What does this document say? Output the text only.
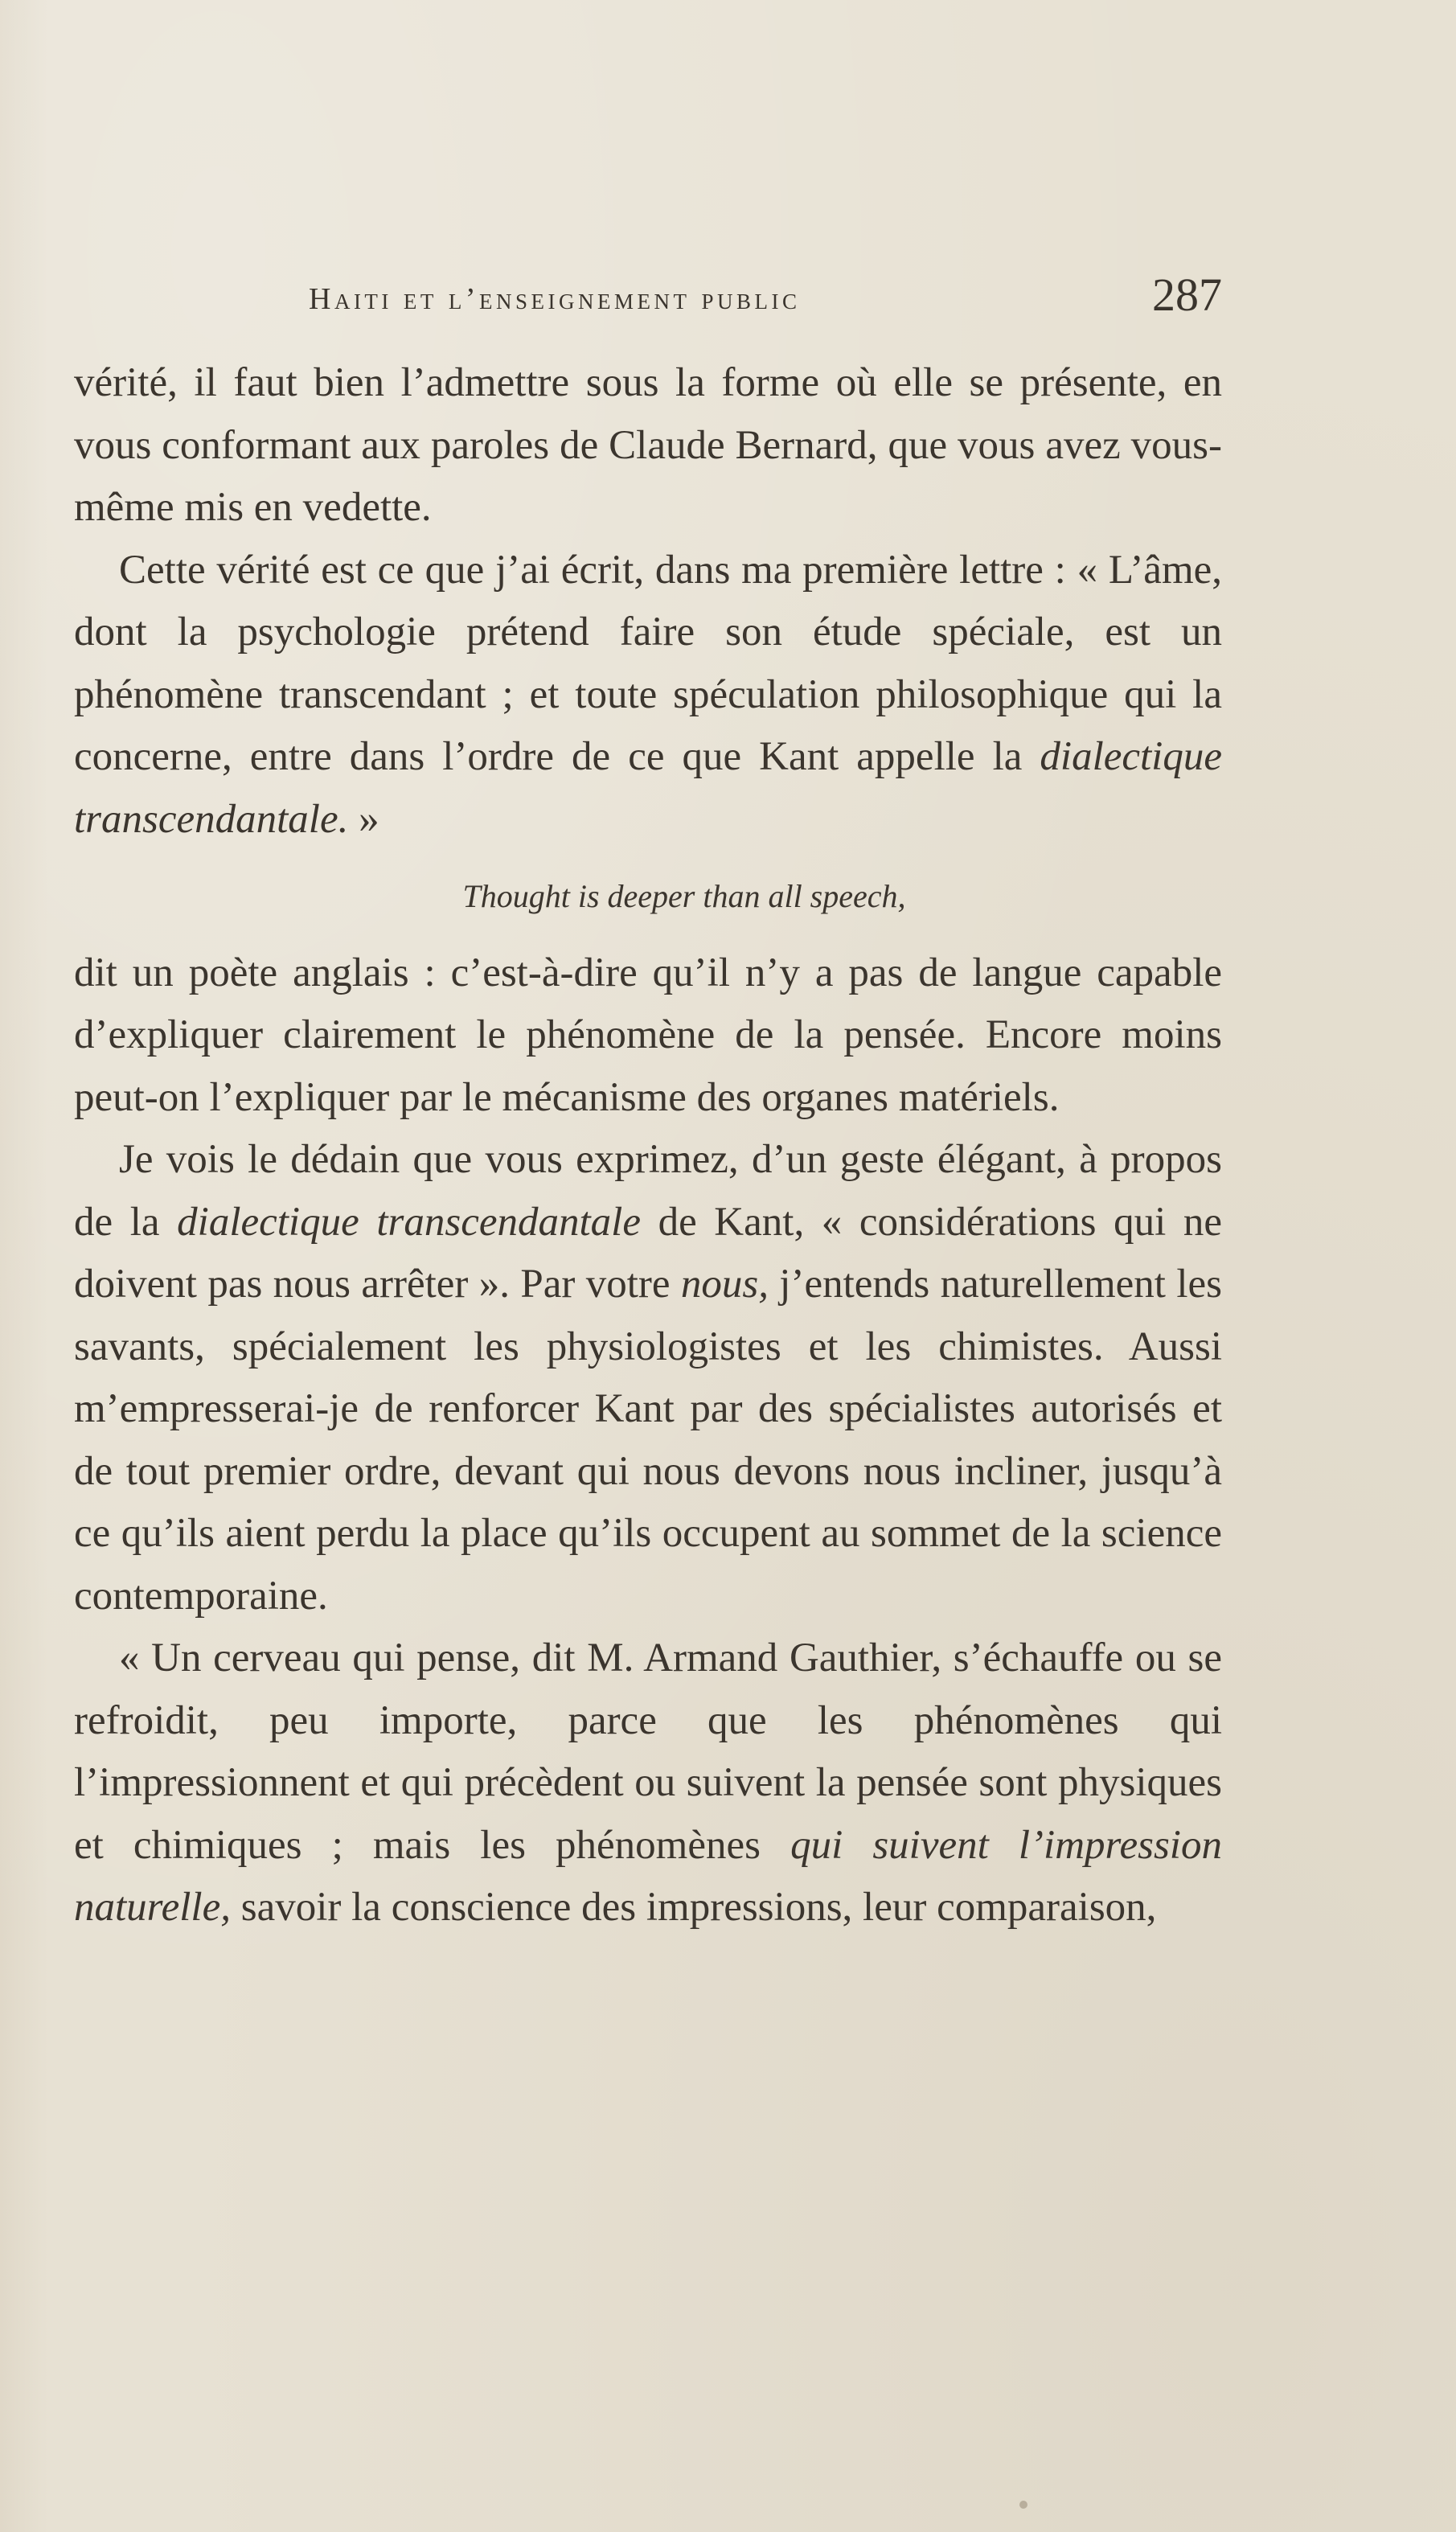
Haiti et l’enseignement public	287

vérité, il faut bien l’admettre sous la forme où elle se présente, en vous conformant aux paroles de Claude Bernard, que vous avez vous-même mis en vedette.

Cette vérité est ce que j’ai écrit, dans ma première lettre : « L’âme, dont la psychologie prétend faire son étude spéciale, est un phénomène transcendant ; et toute spéculation philosophique qui la concerne, entre dans l’ordre de ce que Kant appelle la dialectique transcendantale. »

Thought is deeper than all speech,

dit un poète anglais : c’est-à-dire qu’il n’y a pas de langue capable d’expliquer clairement le phénomène de la pensée. Encore moins peut-on l’expliquer par le mécanisme des organes matériels.

Je vois le dédain que vous exprimez, d’un geste élégant, à propos de la dialectique transcendantale de Kant, « considérations qui ne doivent pas nous arrêter ». Par votre nous, j’entends naturellement les savants, spécialement les physiologistes et les chimistes. Aussi m’empresserai-je de renforcer Kant par des spécialistes autorisés et de tout premier ordre, devant qui nous devons nous incliner, jusqu’à ce qu’ils aient perdu la place qu’ils occupent au sommet de la science contemporaine.

« Un cerveau qui pense, dit M. Armand Gauthier, s’échauffe ou se refroidit, peu importe, parce que les phénomènes qui l’impressionnent et qui précèdent ou suivent la pensée sont physiques et chimiques ; mais les phénomènes qui suivent l’impression naturelle, savoir la conscience des impressions, leur comparaison,
